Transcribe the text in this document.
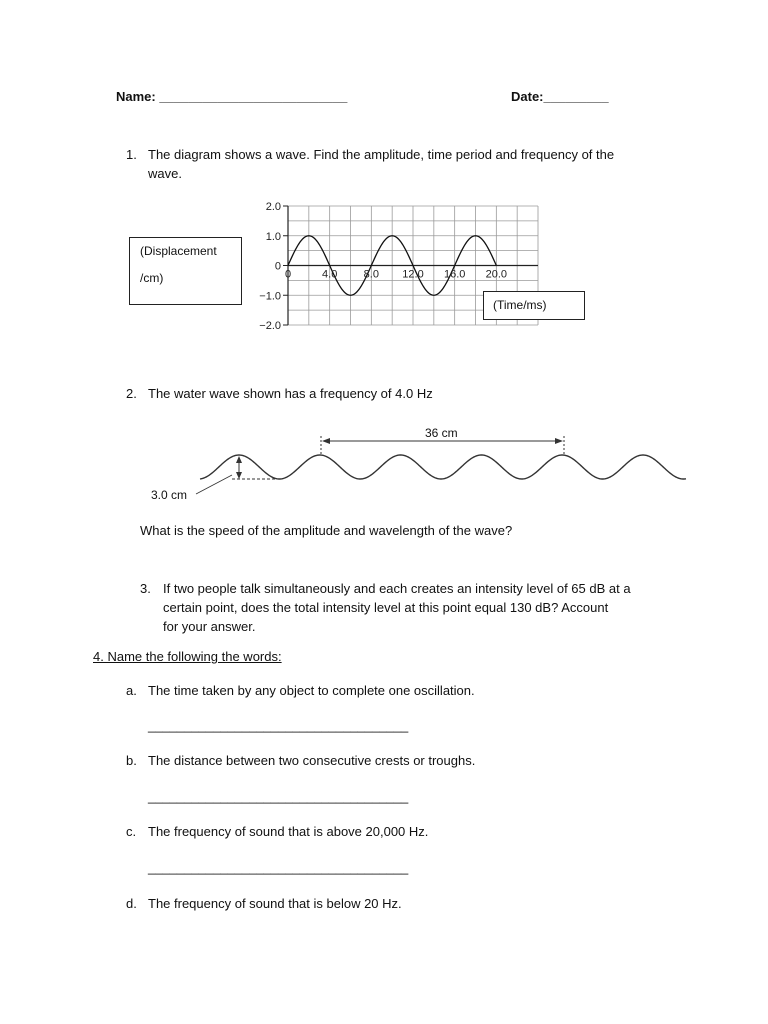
Name: __________________________	Date:_________
1. The diagram shows a wave. Find the amplitude, time period and frequency of the
wave.
(Displacement
/cm)
2.0
1.0
0
−1.0
−2.0
0	4.0 8.0 12.0 16.0 20.0
(Time/ms)
2. The water wave shown has a frequency of 4.0 Hz
36 cm
3.0 cm
What is the speed of the amplitude and wavelength of the wave?
3. If two people talk simultaneously and each creates an intensity level of 65 dB at a
certain point, does the total intensity level at this point equal 130 dB? Account
for your answer.
4. Name the following the words:
a. The time taken by any object to complete one oscillation.
____________________________________
b. The distance between two consecutive crests or troughs.
____________________________________
c. The frequency of sound that is above 20,000 Hz.
____________________________________
d. The frequency of sound that is below 20 Hz.
